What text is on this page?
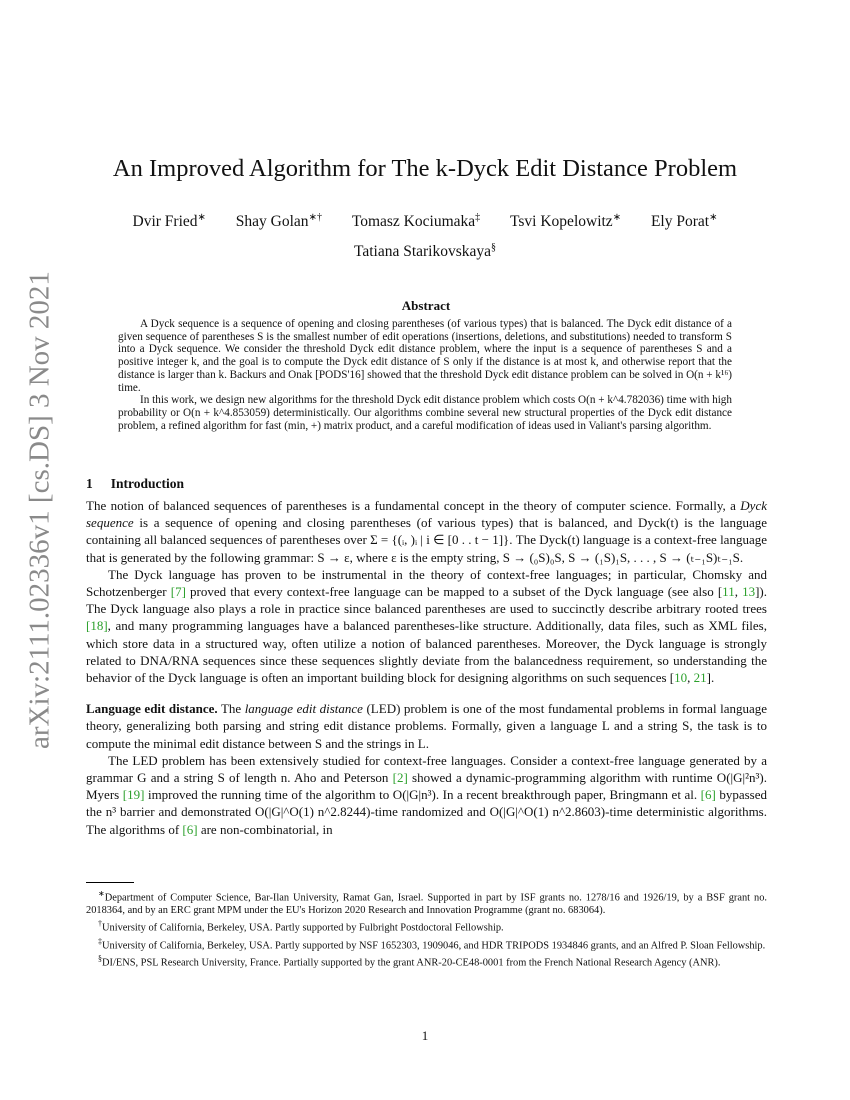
arXiv:2111.02336v1 [cs.DS] 3 Nov 2021
An Improved Algorithm for The k-Dyck Edit Distance Problem
Dvir Fried∗ Shay Golan∗† Tomasz Kociumaka‡ Tsvi Kopelowitz∗ Ely Porat∗
Tatiana Starikovskaya§
Abstract

A Dyck sequence is a sequence of opening and closing parentheses (of various types) that is balanced. The Dyck edit distance of a given sequence of parentheses S is the smallest number of edit operations (insertions, deletions, and substitutions) needed to transform S into a Dyck sequence. We consider the threshold Dyck edit distance problem, where the input is a sequence of parentheses S and a positive integer k, and the goal is to compute the Dyck edit distance of S only if the distance is at most k, and otherwise report that the distance is larger than k. Backurs and Onak [PODS'16] showed that the threshold Dyck edit distance problem can be solved in O(n + k¹⁶) time.

In this work, we design new algorithms for the threshold Dyck edit distance problem which costs O(n + k^4.782036) time with high probability or O(n + k^4.853059) deterministically. Our algorithms combine several new structural properties of the Dyck edit distance problem, a refined algorithm for fast (min, +) matrix product, and a careful modification of ideas used in Valiant's parsing algorithm.

1 Introduction

The notion of balanced sequences of parentheses is a fundamental concept in the theory of computer science. Formally, a Dyck sequence is a sequence of opening and closing parentheses (of various types) that is balanced, and Dyck(t) is the language containing all balanced sequences of parentheses over Σ = {(ᵢ, )ᵢ | i ∈ [0 . . t − 1]}. The Dyck(t) language is a context-free language that is generated by the following grammar: S → ε, where ε is the empty string, S → (₀S)₀S, S → (₁S)₁S, . . . , S → (ₜ₋₁S)ₜ₋₁S.

The Dyck language has proven to be instrumental in the theory of context-free languages; in particular, Chomsky and Schotzenberger [7] proved that every context-free language can be mapped to a subset of the Dyck language (see also [11, 13]). The Dyck language also plays a role in practice since balanced parentheses are used to succinctly describe arbitrary rooted trees [18], and many programming languages have a balanced parentheses-like structure. Additionally, data files, such as XML files, which store data in a structured way, often utilize a notion of balanced parentheses. Moreover, the Dyck language is strongly related to DNA/RNA sequences since these sequences slightly deviate from the balancedness requirement, so understanding the behavior of the Dyck language is often an important building block for designing algorithms on such sequences [10, 21].

Language edit distance. The language edit distance (LED) problem is one of the most fundamental problems in formal language theory, generalizing both parsing and string edit distance problems. Formally, given a language L and a string S, the task is to compute the minimal edit distance between S and the strings in L.

The LED problem has been extensively studied for context-free languages. Consider a context-free language generated by a grammar G and a string S of length n. Aho and Peterson [2] showed a dynamic-programming algorithm with runtime O(|G|²n³). Myers [19] improved the running time of the algorithm to O(|G|n³). In a recent breakthrough paper, Bringmann et al. [6] bypassed the n³ barrier and demonstrated O(|G|^O(1) n^2.8244)-time randomized and O(|G|^O(1) n^2.8603)-time deterministic algorithms. The algorithms of [6] are non-combinatorial, in

∗Department of Computer Science, Bar-Ilan University, Ramat Gan, Israel. Supported in part by ISF grants no. 1278/16 and 1926/19, by a BSF grant no. 2018364, and by an ERC grant MPM under the EU's Horizon 2020 Research and Innovation Programme (grant no. 683064).

†University of California, Berkeley, USA. Partly supported by Fulbright Postdoctoral Fellowship.

‡University of California, Berkeley, USA. Partly supported by NSF 1652303, 1909046, and HDR TRIPODS 1934846 grants, and an Alfred P. Sloan Fellowship.

§DI/ENS, PSL Research University, France. Partially supported by the grant ANR-20-CE48-0001 from the French National Research Agency (ANR).

1
